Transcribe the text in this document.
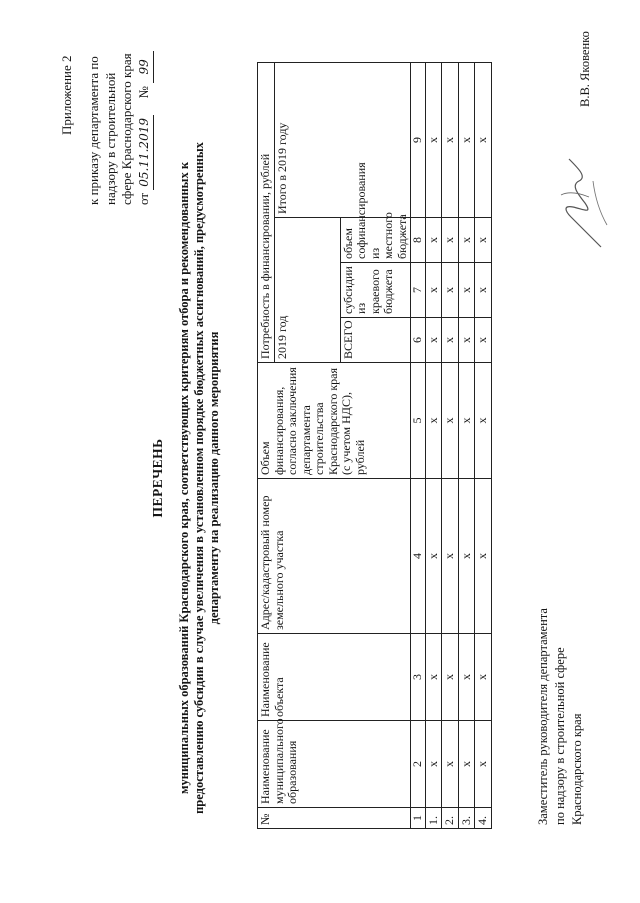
Приложение 2 к приказу департамента по надзору в строительной сфере Краснодарского края от 05.11.2019  № 99
ПЕРЕЧЕНЬ муниципальных образований Краснодарского края, соответствующих критериям отбора и рекомендованных к предоставлению субсидии в случае увеличения в установленном порядке бюджетных ассигнований, предусмотренных департаменту на реализацию данного мероприятия
№	Наименование муниципального образования	Наименование объекта	Адрес/кадастровый номер земельного участка	Объем финансирования, согласно заключения департамента строительства Краснодарского края (с учетом НДС), рублей	Потребность в финансировании, рублей			
					2019 год			Итого в 2019 году
					ВСЕГО	субсидии из краевого бюджета	объем софинансирования из местного бюджета	
1	2	3	4	5	6	7	8	9
1.	х	х	х	х	х	х	х	х
2.	х	х	х	х	х	х	х	х
3.	х	х	х	х	х	х	х	х
4.	х	х	х	х	х	х	х	х
Заместитель руководителя департамента по надзору в строительной сфере Краснодарского края
В.В. Яковенко
